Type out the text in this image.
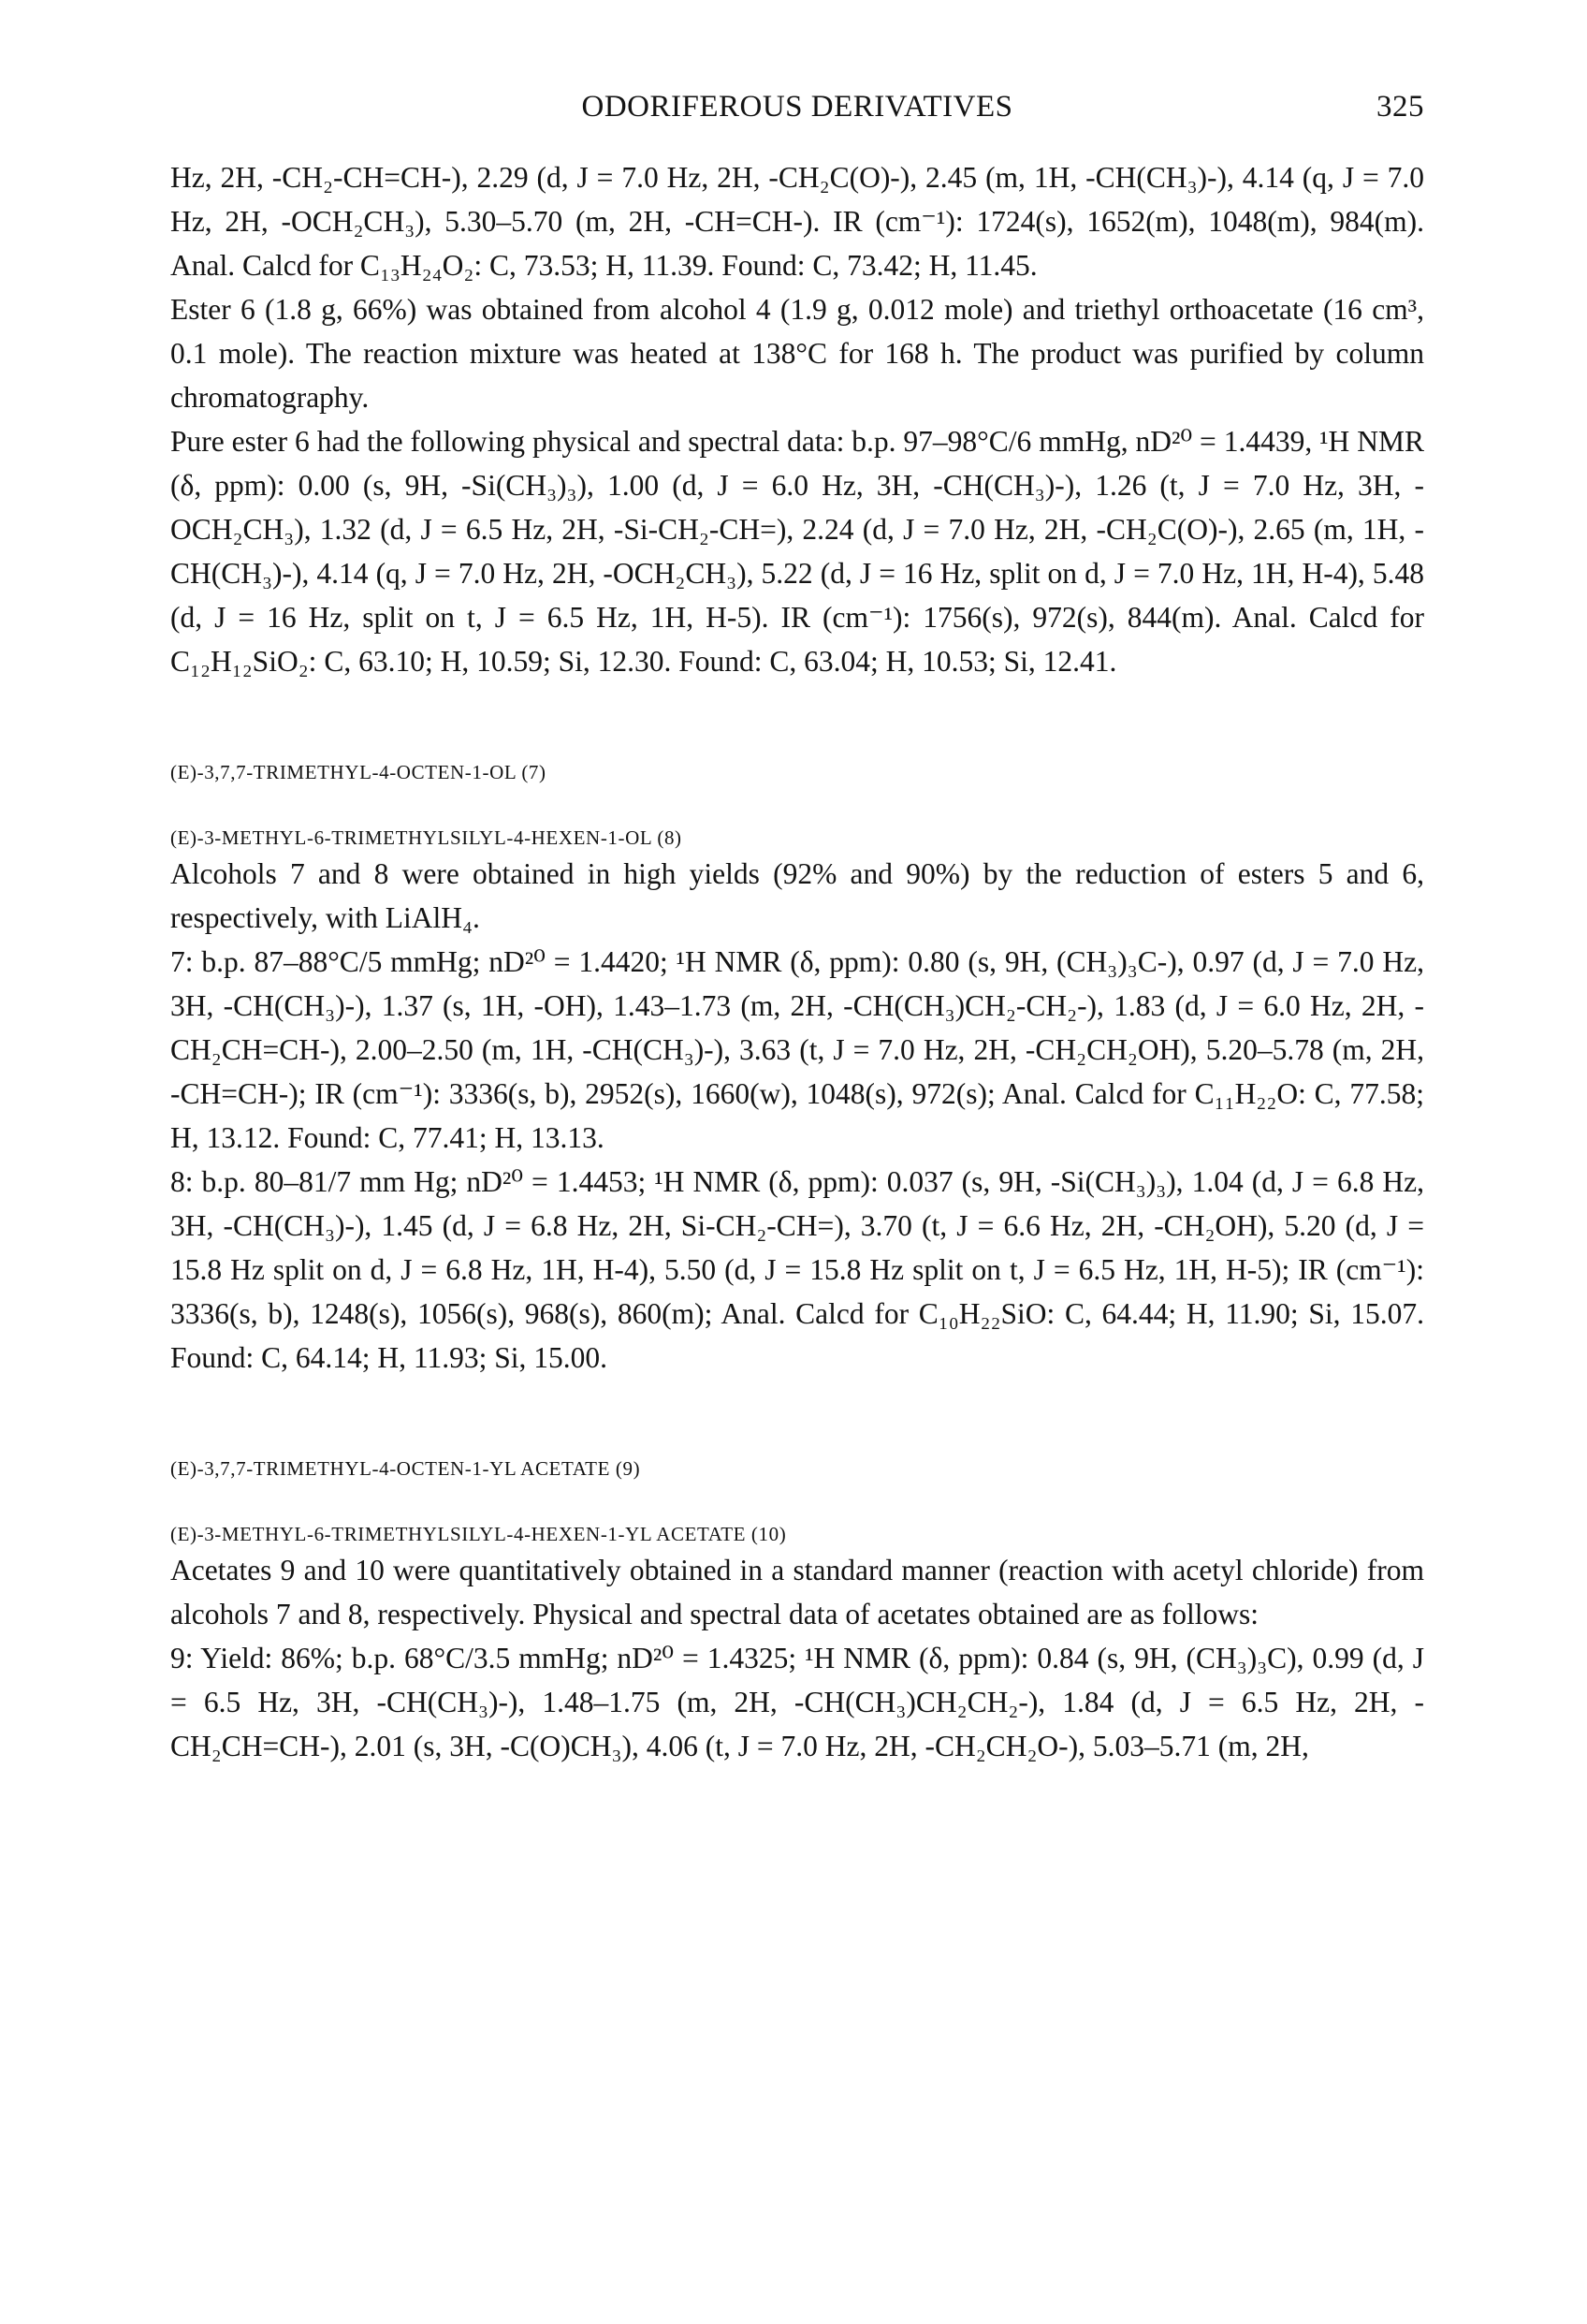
ODORIFEROUS DERIVATIVES	325

Hz, 2H, -CH₂-CH=CH-), 2.29 (d, J = 7.0 Hz, 2H, -CH₂C(O)-), 2.45 (m, 1H, -CH(CH₃)-), 4.14 (q, J = 7.0 Hz, 2H, -OCH₂CH₃), 5.30–5.70 (m, 2H, -CH=CH-). IR (cm⁻¹): 1724(s), 1652(m), 1048(m), 984(m). Anal. Calcd for C₁₃H₂₄O₂: C, 73.53; H, 11.39. Found: C, 73.42; H, 11.45.

Ester 6 (1.8 g, 66%) was obtained from alcohol 4 (1.9 g, 0.012 mole) and triethyl orthoacetate (16 cm³, 0.1 mole). The reaction mixture was heated at 138°C for 168 h. The product was purified by column chromatography.

Pure ester 6 had the following physical and spectral data: b.p. 97–98°C/6 mmHg, nD²⁰ = 1.4439, ¹H NMR (δ, ppm): 0.00 (s, 9H, -Si(CH₃)₃), 1.00 (d, J = 6.0 Hz, 3H, -CH(CH₃)-), 1.26 (t, J = 7.0 Hz, 3H, -OCH₂CH₃), 1.32 (d, J = 6.5 Hz, 2H, -Si-CH₂-CH=), 2.24 (d, J = 7.0 Hz, 2H, -CH₂C(O)-), 2.65 (m, 1H, -CH(CH₃)-), 4.14 (q, J = 7.0 Hz, 2H, -OCH₂CH₃), 5.22 (d, J = 16 Hz, split on d, J = 7.0 Hz, 1H, H-4), 5.48 (d, J = 16 Hz, split on t, J = 6.5 Hz, 1H, H-5). IR (cm⁻¹): 1756(s), 972(s), 844(m). Anal. Calcd for C₁₂H₁₂SiO₂: C, 63.10; H, 10.59; Si, 12.30. Found: C, 63.04; H, 10.53; Si, 12.41.

(E)-3,7,7-TRIMETHYL-4-OCTEN-1-OL (7)

(E)-3-METHYL-6-TRIMETHYLSILYL-4-HEXEN-1-OL (8)

Alcohols 7 and 8 were obtained in high yields (92% and 90%) by the reduction of esters 5 and 6, respectively, with LiAlH₄.

7: b.p. 87–88°C/5 mmHg; nD²⁰ = 1.4420; ¹H NMR (δ, ppm): 0.80 (s, 9H, (CH₃)₃C-), 0.97 (d, J = 7.0 Hz, 3H, -CH(CH₃)-), 1.37 (s, 1H, -OH), 1.43–1.73 (m, 2H, -CH(CH₃)CH₂-CH₂-), 1.83 (d, J = 6.0 Hz, 2H, -CH₂CH=CH-), 2.00–2.50 (m, 1H, -CH(CH₃)-), 3.63 (t, J = 7.0 Hz, 2H, -CH₂CH₂OH), 5.20–5.78 (m, 2H, -CH=CH-); IR (cm⁻¹): 3336(s, b), 2952(s), 1660(w), 1048(s), 972(s); Anal. Calcd for C₁₁H₂₂O: C, 77.58; H, 13.12. Found: C, 77.41; H, 13.13.

8: b.p. 80–81/7 mm Hg; nD²⁰ = 1.4453; ¹H NMR (δ, ppm): 0.037 (s, 9H, -Si(CH₃)₃), 1.04 (d, J = 6.8 Hz, 3H, -CH(CH₃)-), 1.45 (d, J = 6.8 Hz, 2H, Si-CH₂-CH=), 3.70 (t, J = 6.6 Hz, 2H, -CH₂OH), 5.20 (d, J = 15.8 Hz split on d, J = 6.8 Hz, 1H, H-4), 5.50 (d, J = 15.8 Hz split on t, J = 6.5 Hz, 1H, H-5); IR (cm⁻¹): 3336(s, b), 1248(s), 1056(s), 968(s), 860(m); Anal. Calcd for C₁₀H₂₂SiO: C, 64.44; H, 11.90; Si, 15.07. Found: C, 64.14; H, 11.93; Si, 15.00.

(E)-3,7,7-TRIMETHYL-4-OCTEN-1-YL ACETATE (9)

(E)-3-METHYL-6-TRIMETHYLSILYL-4-HEXEN-1-YL ACETATE (10)

Acetates 9 and 10 were quantitatively obtained in a standard manner (reaction with acetyl chloride) from alcohols 7 and 8, respectively. Physical and spectral data of acetates obtained are as follows:

9: Yield: 86%; b.p. 68°C/3.5 mmHg; nD²⁰ = 1.4325; ¹H NMR (δ, ppm): 0.84 (s, 9H, (CH₃)₃C), 0.99 (d, J = 6.5 Hz, 3H, -CH(CH₃)-), 1.48–1.75 (m, 2H, -CH(CH₃)CH₂CH₂-), 1.84 (d, J = 6.5 Hz, 2H, -CH₂CH=CH-), 2.01 (s, 3H, -C(O)CH₃), 4.06 (t, J = 7.0 Hz, 2H, -CH₂CH₂O-), 5.03–5.71 (m, 2H,
